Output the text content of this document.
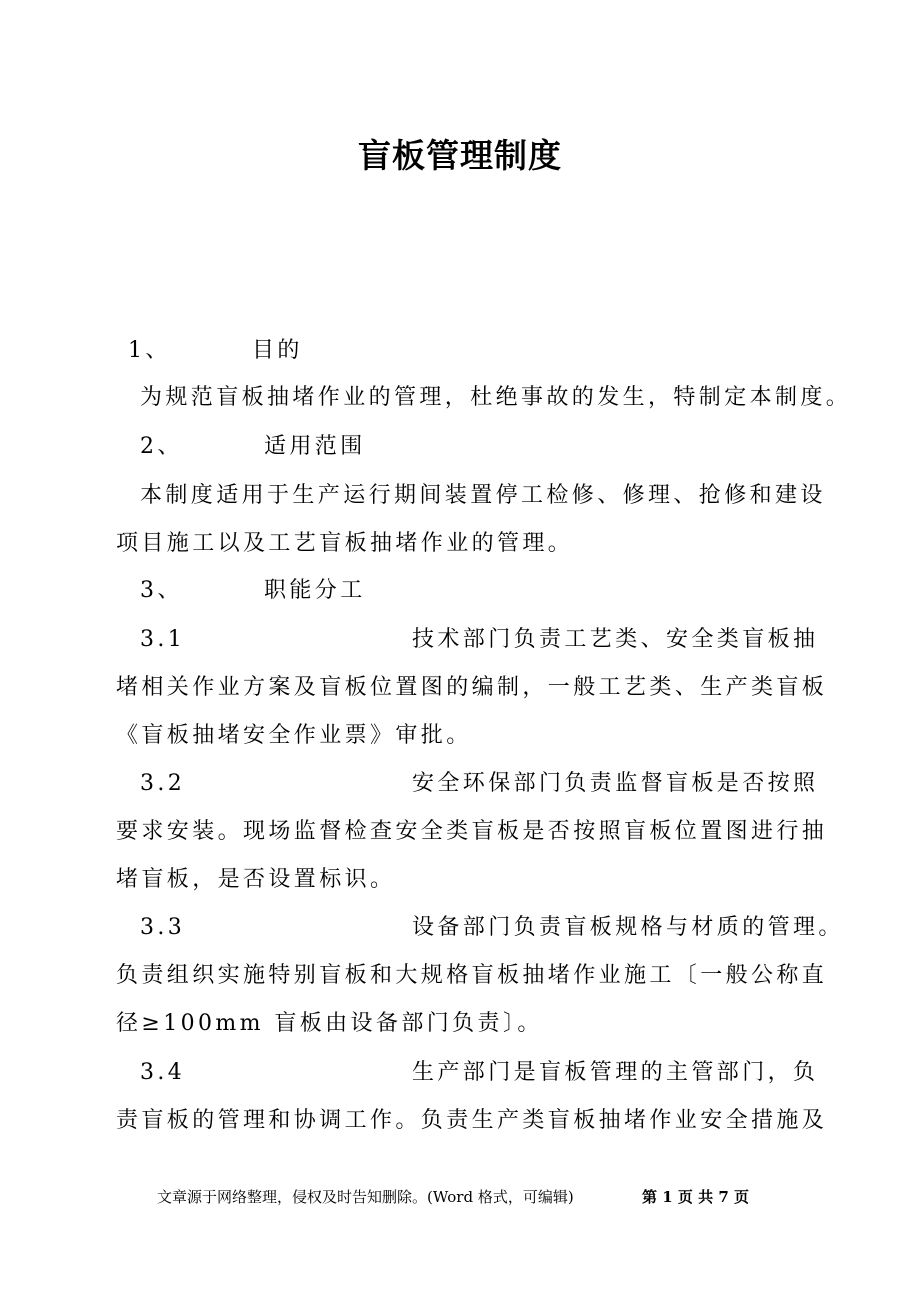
盲板管理制度
1、	目的
为规范盲板抽堵作业的管理，杜绝事故的发生，特制定本制度。
2、	适用范围
本制度适用于生产运行期间装置停工检修、修理、抢修和建设
项目施工以及工艺盲板抽堵作业的管理。
3、	职能分工
3.1	技术部门负责工艺类、安全类盲板抽
堵相关作业方案及盲板位置图的编制，一般工艺类、生产类盲板
《盲板抽堵安全作业票》审批。
3.2	安全环保部门负责监督盲板是否按照
要求安装。现场监督检查安全类盲板是否按照盲板位置图进行抽
堵盲板，是否设置标识。
3.3	设备部门负责盲板规格与材质的管理。
负责组织实施特别盲板和大规格盲板抽堵作业施工〔一般公称直
径≥100mm 盲板由设备部门负责〕。
3.4	生产部门是盲板管理的主管部门，负
责盲板的管理和协调工作。负责生产类盲板抽堵作业安全措施及
文章源于网络整理，侵权及时告知删除。(Word 格式，可编辑)	第 1 页 共 7 页
